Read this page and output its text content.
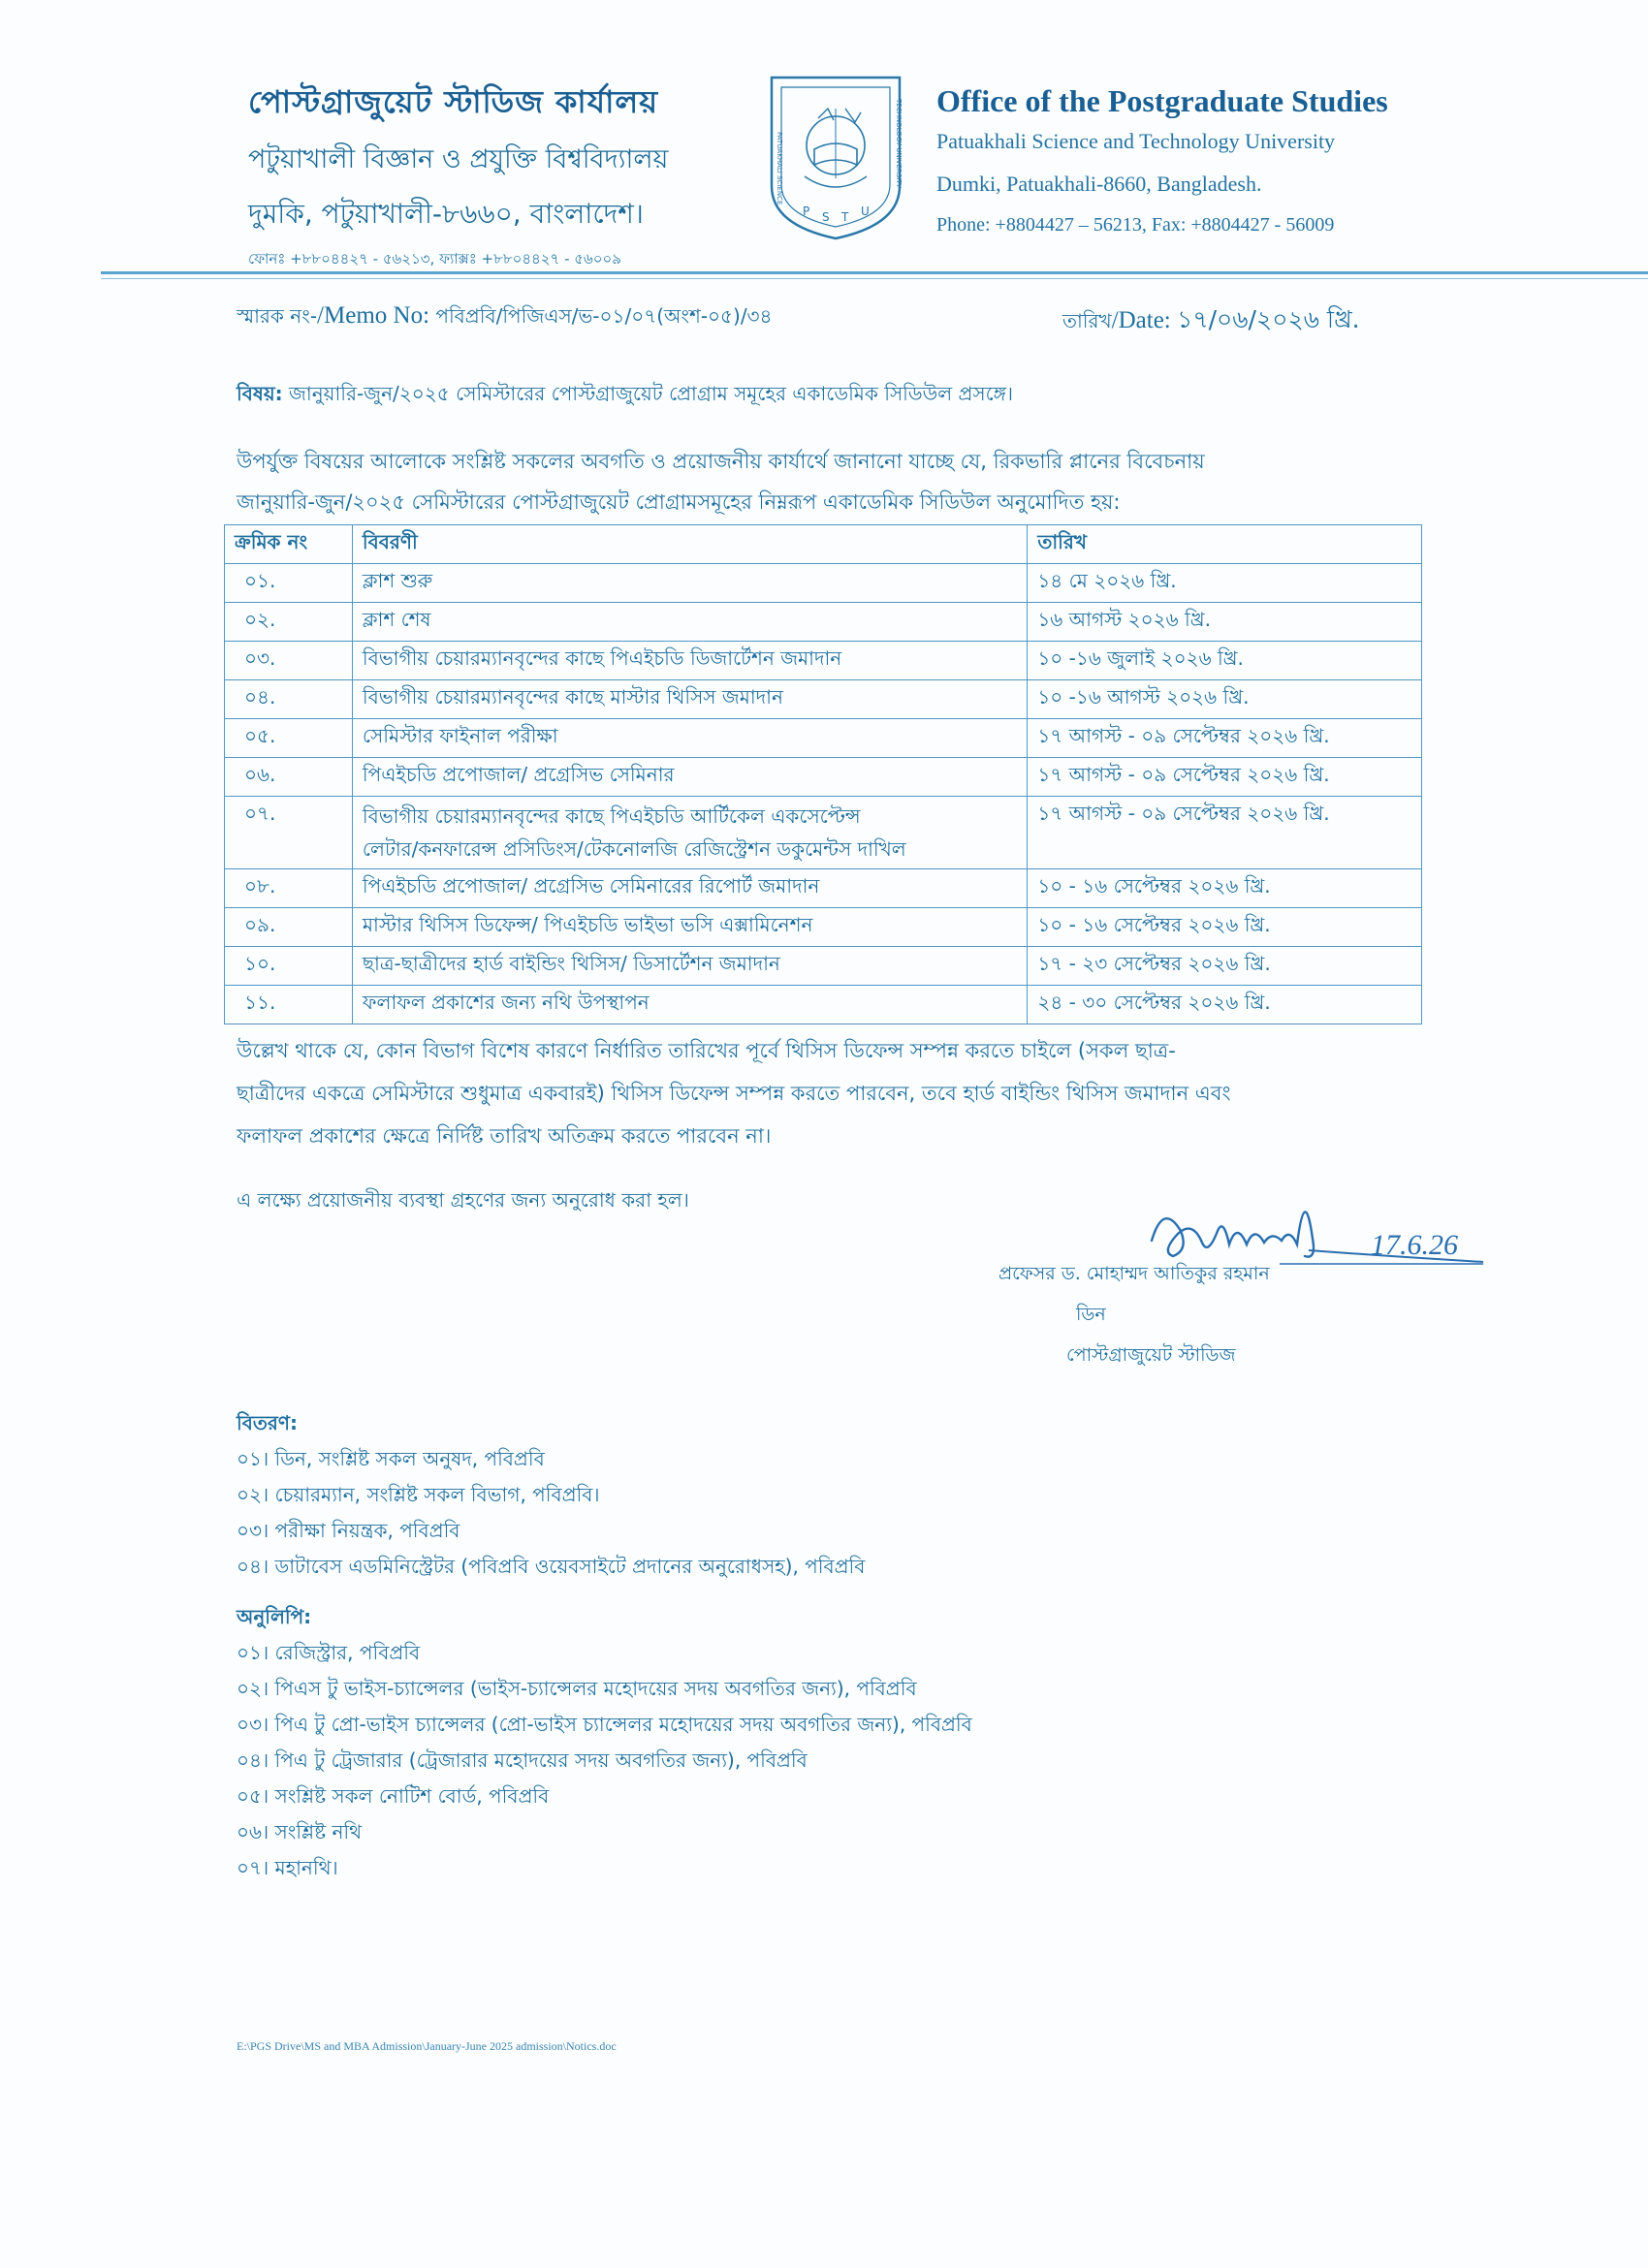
পোস্টগ্রাজুয়েট স্টাডিজ কার্যালয়
পটুয়াখালী বিজ্ঞান ও প্রযুক্তি বিশ্ববিদ্যালয়
দুমকি, পটুয়াখালী-৮৬৬০, বাংলাদেশ।
ফোনঃ +৮৮০৪৪২৭ - ৫৬২১৩, ফ্যাক্সঃ +৮৮০৪৪২৭ - ৫৬০০৯
PATUAKHALI SCIENCE	TECHNOLOGY UNIVERSITY
P S T U
Office of the Postgraduate Studies
Patuakhali Science and Technology University
Dumki, Patuakhali-8660, Bangladesh.
Phone: +8804427 – 56213, Fax: +8804427 - 56009
স্মারক নং-/Memo No: পবিপ্রবি/পিজিএস/ভ-০১/০৭(অংশ-০৫)/৩৪	তারিখ/Date: ১৭/০৬/২০২৬ খ্রি.
বিষয়: জানুয়ারি-জুন/২০২৫ সেমিস্টারের পোস্টগ্রাজুয়েট প্রোগ্রাম সমূহের একাডেমিক সিডিউল প্রসঙ্গে।
উপর্যুক্ত বিষয়ের আলোকে সংশ্লিষ্ট সকলের অবগতি ও প্রয়োজনীয় কার্যার্থে জানানো যাচ্ছে যে, রিকভারি প্লানের বিবেচনায়
জানুয়ারি-জুন/২০২৫ সেমিস্টারের পোস্টগ্রাজুয়েট প্রোগ্রামসমূহের নিম্নরূপ একাডেমিক সিডিউল অনুমোদিত হয়:
ক্রমিক নং	বিবরণী	তারিখ
০১.	ক্লাশ শুরু	১৪ মে ২০২৬ খ্রি.
০২.	ক্লাশ শেষ	১৬ আগস্ট ২০২৬ খ্রি.
০৩.	বিভাগীয় চেয়ারম্যানবৃন্দের কাছে পিএইচডি ডিজার্টেশন জমাদান	১০ -১৬ জুলাই ২০২৬ খ্রি.
০৪.	বিভাগীয় চেয়ারম্যানবৃন্দের কাছে মাস্টার থিসিস জমাদান	১০ -১৬ আগস্ট ২০২৬ খ্রি.
০৫.	সেমিস্টার ফাইনাল পরীক্ষা	১৭ আগস্ট - ০৯ সেপ্টেম্বর ২০২৬ খ্রি.
০৬.	পিএইচডি প্রপোজাল/ প্রগ্রেসিভ সেমিনার	১৭ আগস্ট - ০৯ সেপ্টেম্বর ২০২৬ খ্রি.
০৭.	বিভাগীয় চেয়ারম্যানবৃন্দের কাছে পিএইচডি আর্টিকেল একসেপ্টেন্স
লেটার/কনফারেন্স প্রসিডিংস/টেকনোলজি রেজিস্ট্রেশন ডকুমেন্টস দাখিল	১৭ আগস্ট - ০৯ সেপ্টেম্বর ২০২৬ খ্রি.
০৮.	পিএইচডি প্রপোজাল/ প্রগ্রেসিভ সেমিনারের রিপোর্ট জমাদান	১০ - ১৬ সেপ্টেম্বর ২০২৬ খ্রি.
০৯.	মাস্টার থিসিস ডিফেন্স/ পিএইচডি ভাইভা ভসি এক্সামিনেশন	১০ - ১৬ সেপ্টেম্বর ২০২৬ খ্রি.
১০.	ছাত্র-ছাত্রীদের হার্ড বাইন্ডিং থিসিস/ ডিসার্টেশন জমাদান	১৭ - ২৩ সেপ্টেম্বর ২০২৬ খ্রি.
১১.	ফলাফল প্রকাশের জন্য নথি উপস্থাপন	২৪ - ৩০ সেপ্টেম্বর ২০২৬ খ্রি.
উল্লেখ থাকে যে, কোন বিভাগ বিশেষ কারণে নির্ধারিত তারিখের পূর্বে থিসিস ডিফেন্স সম্পন্ন করতে চাইলে (সকল ছাত্র-
ছাত্রীদের একত্রে সেমিস্টারে শুধুমাত্র একবারই) থিসিস ডিফেন্স সম্পন্ন করতে পারবেন, তবে হার্ড বাইন্ডিং থিসিস জমাদান এবং
ফলাফল প্রকাশের ক্ষেত্রে নির্দিষ্ট তারিখ অতিক্রম করতে পারবেন না।
এ লক্ষ্যে প্রয়োজনীয় ব্যবস্থা গ্রহণের জন্য অনুরোধ করা হল।
17.6.26
প্রফেসর ড. মোহাম্মদ আতিকুর রহমান
ডিন
পোস্টগ্রাজুয়েট স্টাডিজ
বিতরণ:
০১। ডিন, সংশ্লিষ্ট সকল অনুষদ, পবিপ্রবি
০২। চেয়ারম্যান, সংশ্লিষ্ট সকল বিভাগ, পবিপ্রবি।
০৩। পরীক্ষা নিয়ন্ত্রক, পবিপ্রবি
০৪। ডাটাবেস এডমিনিস্ট্রেটর (পবিপ্রবি ওয়েবসাইটে প্রদানের অনুরোধসহ), পবিপ্রবি
অনুলিপি:
০১। রেজিস্ট্রার, পবিপ্রবি
০২। পিএস টু ভাইস-চ্যান্সেলর (ভাইস-চ্যান্সেলর মহোদয়ের সদয় অবগতির জন্য), পবিপ্রবি
০৩। পিএ টু প্রো-ভাইস চ্যান্সেলর (প্রো-ভাইস চ্যান্সেলর মহোদয়ের সদয় অবগতির জন্য), পবিপ্রবি
০৪। পিএ টু ট্রেজারার (ট্রেজারার মহোদয়ের সদয় অবগতির জন্য), পবিপ্রবি
০৫। সংশ্লিষ্ট সকল নোটিশ বোর্ড, পবিপ্রবি
০৬। সংশ্লিষ্ট নথি
০৭। মহানথি।
E:\PGS Drive\MS and MBA Admission\January-June 2025 admission\Notics.doc
